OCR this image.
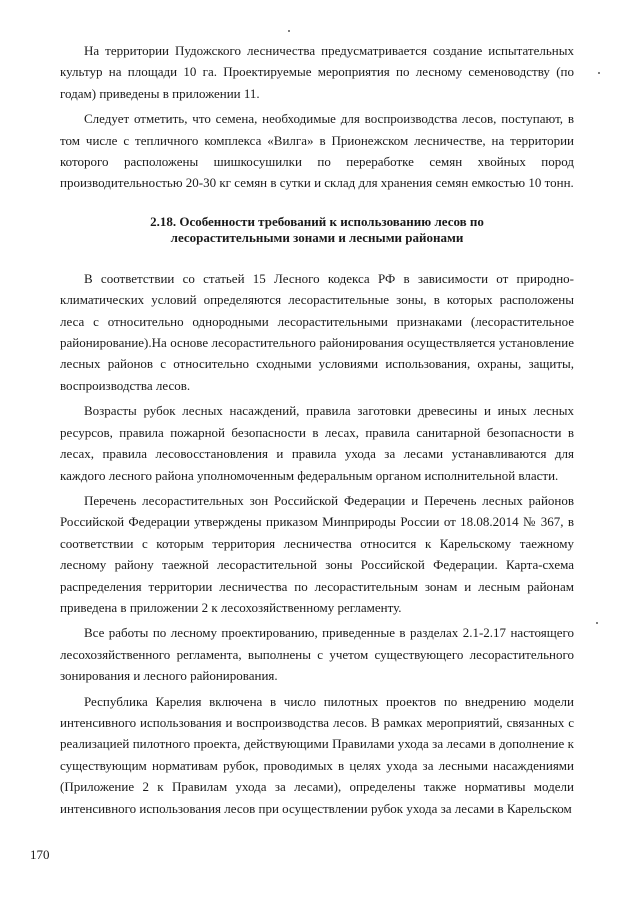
На территории Пудожского лесничества предусматривается создание испытательных культур на площади 10 га. Проектируемые мероприятия по лесному семеноводству (по годам) приведены в приложении 11.

Следует отметить, что семена, необходимые для воспроизводства лесов, поступают, в том числе с тепличного комплекса «Вилга» в Прионежском лесничестве, на территории которого расположены шишкосушилки по переработке семян хвойных пород производительностью 20-30 кг семян в сутки и склад для хранения семян емкостью 10 тонн.

2.18. Особенности требований к использованию лесов по
лесорастительными зонами и лесными районами

В соответствии со статьей 15 Лесного кодекса РФ в зависимости от природно-климатических условий определяются лесорастительные зоны, в которых расположены леса с относительно однородными лесорастительными признаками (лесорастительное районирование).На основе лесорастительного районирования осуществляется установление лесных районов с относительно сходными условиями использования, охраны, защиты, воспроизводства лесов.

Возрасты рубок лесных насаждений, правила заготовки древесины и иных лесных ресурсов, правила пожарной безопасности в лесах, правила санитарной безопасности в лесах, правила лесовосстановления и правила ухода за лесами устанавливаются для каждого лесного района уполномоченным федеральным органом исполнительной власти.

Перечень лесорастительных зон Российской Федерации и Перечень лесных районов Российской Федерации утверждены приказом Минприроды России от 18.08.2014 № 367, в соответствии с которым территория лесничества относится к Карельскому таежному лесному району таежной лесорастительной зоны Российской Федерации. Карта-схема распределения территории лесничества по лесорастительным зонам и лесным районам приведена в приложении 2 к лесохозяйственному регламенту.

Все работы по лесному проектированию, приведенные в разделах 2.1-2.17 настоящего лесохозяйственного регламента, выполнены с учетом существующего лесорастительного зонирования и лесного районирования.

Республика Карелия включена в число пилотных проектов по внедрению модели интенсивного использования и воспроизводства лесов. В рамках мероприятий, связанных с реализацией пилотного проекта, действующими Правилами ухода за лесами в дополнение к существующим нормативам рубок, проводимых в целях ухода за лесными насаждениями (Приложение 2 к Правилам ухода за лесами), определены также нормативы модели интенсивного использования лесов при осуществлении рубок ухода за лесами в Карельском

170
